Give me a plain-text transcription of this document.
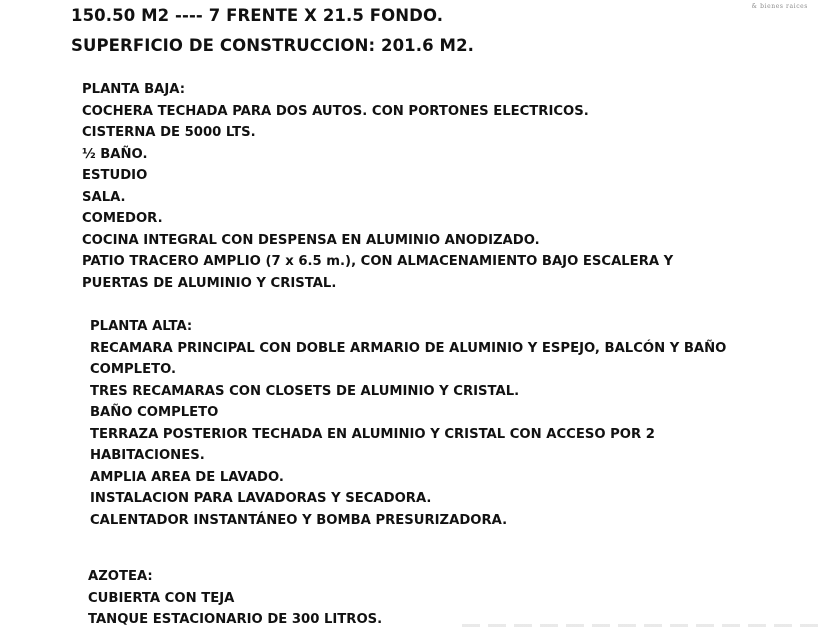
& bienes raices
150.50 M2 ---- 7 FRENTE X 21.5 FONDO.
SUPERFICIO DE CONSTRUCCION: 201.6 M2.
PLANTA BAJA:
COCHERA TECHADA PARA DOS AUTOS. CON PORTONES ELECTRICOS.
CISTERNA DE 5000 LTS.
½ BAÑO.
ESTUDIO
SALA.
COMEDOR.
COCINA INTEGRAL CON DESPENSA EN ALUMINIO ANODIZADO.
PATIO TRACERO AMPLIO (7 x 6.5 m.), CON ALMACENAMIENTO BAJO ESCALERA Y
PUERTAS DE ALUMINIO Y CRISTAL.
PLANTA ALTA:
RECAMARA PRINCIPAL CON DOBLE ARMARIO DE ALUMINIO Y ESPEJO, BALCÓN Y BAÑO
COMPLETO.
TRES RECAMARAS CON CLOSETS DE ALUMINIO Y CRISTAL.
BAÑO COMPLETO
TERRAZA POSTERIOR TECHADA EN ALUMINIO Y CRISTAL CON ACCESO POR 2
HABITACIONES.
AMPLIA AREA DE LAVADO.
INSTALACION PARA LAVADORAS Y SECADORA.
CALENTADOR INSTANTÁNEO Y BOMBA PRESURIZADORA.
AZOTEA:
CUBIERTA CON TEJA
TANQUE ESTACIONARIO DE 300 LITROS.
